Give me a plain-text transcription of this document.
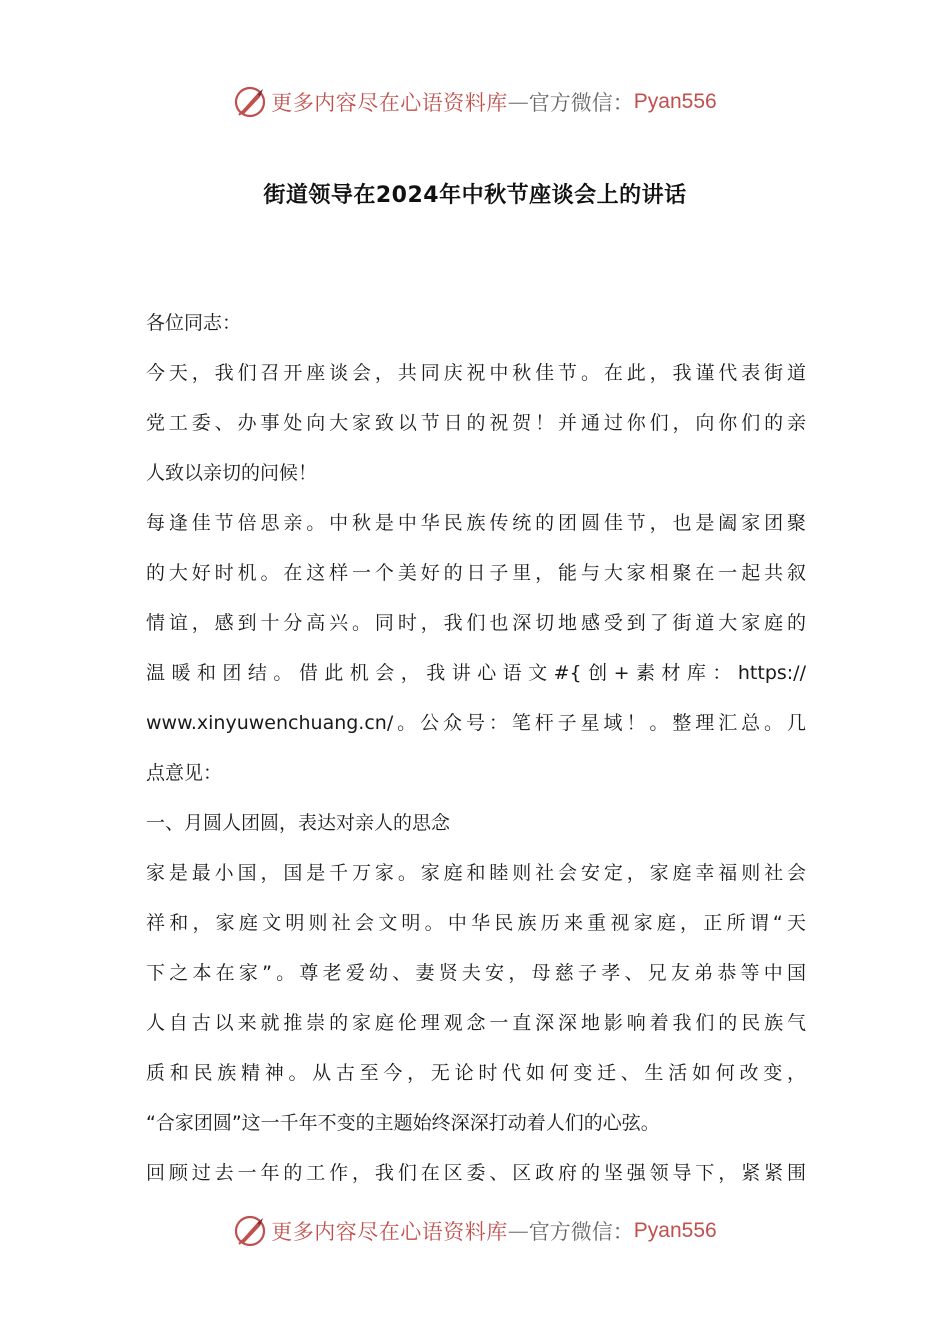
更多内容尽在心语资料库 — 官方微信： Pyan556
街道领导在2024年中秋节座谈会上的讲话
各位同志：
今天，我们召开座谈会，共同庆祝中秋佳节。在此，我谨代表街道
党工委、办事处向大家致以节日的祝贺！并通过你们，向你们的亲
人致以亲切的问候！
每逢佳节倍思亲。中秋是中华民族传统的团圆佳节，也是阖家团聚
的大好时机。在这样一个美好的日子里，能与大家相聚在一起共叙
情谊，感到十分高兴。同时，我们也深切地感受到了街道大家庭的
温暖和团结。借此机会，我讲心语文#{创+素材库：https://
www.xinyuwenchuang.cn/。公众号：笔杆子星域！。整理汇总。几
点意见：
一、月圆人团圆，表达对亲人的思念
家是最小国，国是千万家。家庭和睦则社会安定，家庭幸福则社会
祥和，家庭文明则社会文明。中华民族历来重视家庭，正所谓“天
下之本在家”。尊老爱幼、妻贤夫安，母慈子孝、兄友弟恭等中国
人自古以来就推崇的家庭伦理观念一直深深地影响着我们的民族气
质和民族精神。从古至今，无论时代如何变迁、生活如何改变，
“合家团圆”这一千年不变的主题始终深深打动着人们的心弦。
回顾过去一年的工作，我们在区委、区政府的坚强领导下，紧紧围
更多内容尽在心语资料库 — 官方微信： Pyan556
